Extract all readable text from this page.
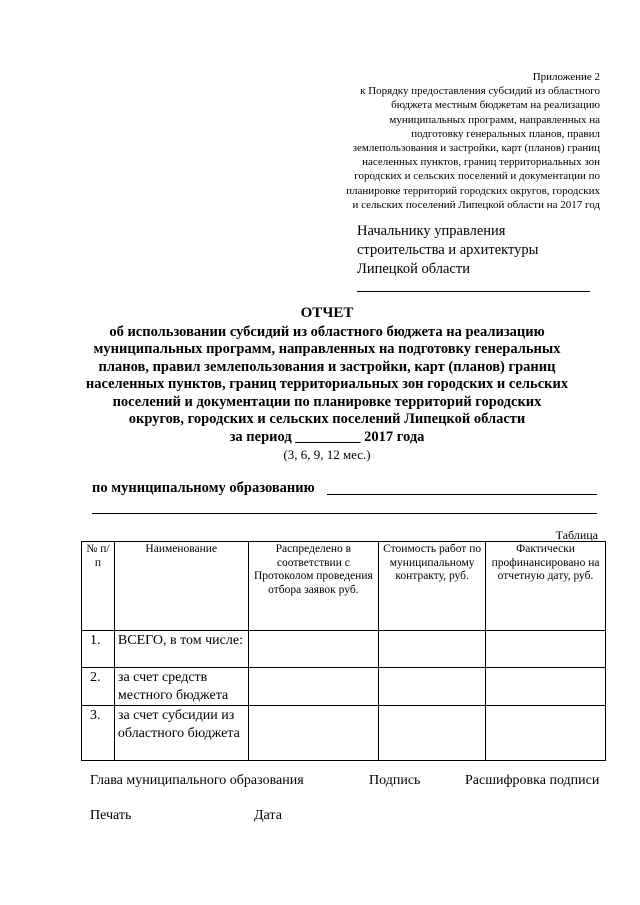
Приложение 2
к Порядку предоставления субсидий из областного
бюджета местным бюджетам на реализацию
муниципальных программ, направленных на
подготовку генеральных планов, правил
землепользования и застройки, карт (планов) границ
населенных пунктов, границ территориальных зон
городских и сельских поселений и документации по
планировке территорий городских округов, городских
и сельских поселений Липецкой области на 2017 год
Начальнику управления
строительства и архитектуры
Липецкой области
ОТЧЕТ
об использовании субсидий из областного бюджета на реализацию
муниципальных программ, направленных на подготовку генеральных
планов, правил землепользования и застройки, карт (планов) границ
населенных пунктов, границ территориальных зон городских и сельских
поселений и документации по планировке территорий городских
округов, городских и сельских поселений Липецкой области
за период _________ 2017 года
(3, 6, 9, 12 мес.)
по муниципальному образованию
Таблица
№ п/п	Наименование	Распределено в соответствии с Протоколом проведения отбора заявок руб.	Стоимость работ по муниципальному контракту, руб.	Фактически профинансировано на отчетную дату, руб.
1.	ВСЕГО, в том числе:			
2.	за счет средств местного бюджета			
3.	за счет субсидии из областного бюджета			
Глава муниципального образования	Подпись	Расшифровка подписи
Печать	Дата
